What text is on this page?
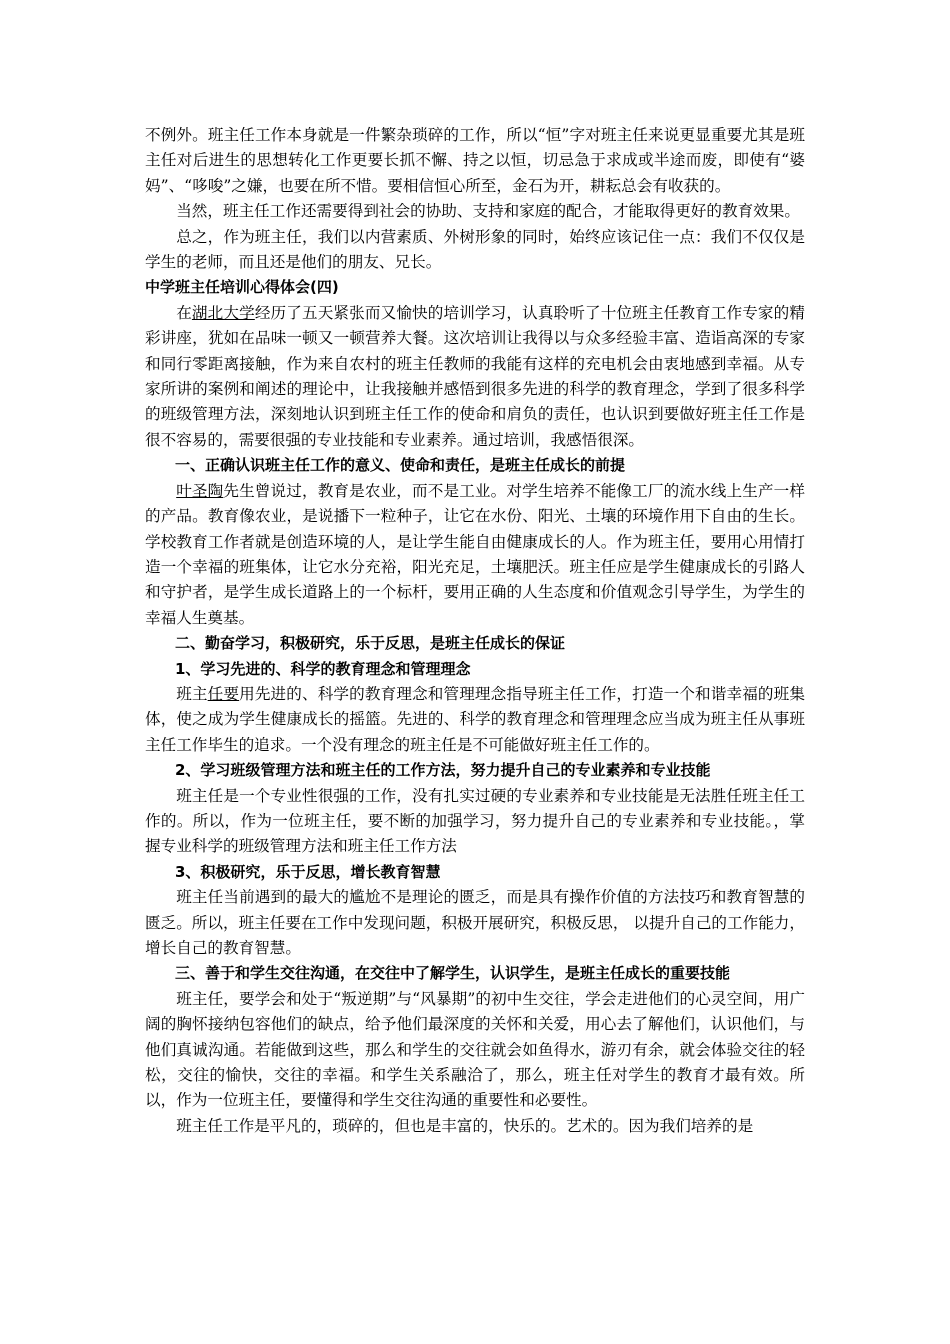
不例外。班主任工作本身就是一件繁杂琐碎的工作，所以“恒”字对班主任来说更显重要尤其是班主任对后进生的思想转化工作更要长抓不懈、持之以恒，切忌急于求成或半途而废，即使有“婆妈”、“哆唆”之嫌，也要在所不惜。要相信恒心所至，金石为开，耕耘总会有收获的。

当然，班主任工作还需要得到社会的协助、支持和家庭的配合，才能取得更好的教育效果。

总之，作为班主任，我们以内营素质、外树形象的同时，始终应该记住一点：我们不仅仅是学生的老师，而且还是他们的朋友、兄长。

中学班主任培训心得体会(四)

在湖北大学经历了五天紧张而又愉快的培训学习，认真聆听了十位班主任教育工作专家的精彩讲座，犹如在品味一顿又一顿营养大餐。这次培训让我得以与众多经验丰富、造诣高深的专家和同行零距离接触，作为来自农村的班主任教师的我能有这样的充电机会由衷地感到幸福。从专家所讲的案例和阐述的理论中，让我接触并感悟到很多先进的科学的教育理念，学到了很多科学的班级管理方法，深刻地认识到班主任工作的使命和肩负的责任，也认识到要做好班主任工作是很不容易的，需要很强的专业技能和专业素养。通过培训，我感悟很深。

一、正确认识班主任工作的意义、使命和责任，是班主任成长的前提

叶圣陶先生曾说过，教育是农业，而不是工业。对学生培养不能像工厂的流水线上生产一样的产品。教育像农业，是说播下一粒种子，让它在水份、阳光、土壤的环境作用下自由的生长。学校教育工作者就是创造环境的人，是让学生能自由健康成长的人。作为班主任，要用心用情打造一个幸福的班集体，让它水分充裕，阳光充足，土壤肥沃。班主任应是学生健康成长的引路人和守护者，是学生成长道路上的一个标杆，要用正确的人生态度和价值观念引导学生，为学生的幸福人生奠基。

二、勤奋学习，积极研究，乐于反思，是班主任成长的保证

1、学习先进的、科学的教育理念和管理理念

班主任要用先进的、科学的教育理念和管理理念指导班主任工作，打造一个和谐幸福的班集体，使之成为学生健康成长的摇篮。先进的、科学的教育理念和管理理念应当成为班主任从事班主任工作毕生的追求。一个没有理念的班主任是不可能做好班主任工作的。

2、学习班级管理方法和班主任的工作方法，努力提升自己的专业素养和专业技能

班主任是一个专业性很强的工作，没有扎实过硬的专业素养和专业技能是无法胜任班主任工作的。所以，作为一位班主任，要不断的加强学习，努力提升自己的专业素养和专业技能。，掌握专业科学的班级管理方法和班主任工作方法

3、积极研究，乐于反思，增长教育智慧

班主任当前遇到的最大的尴尬不是理论的匮乏，而是具有操作价值的方法技巧和教育智慧的匮乏。所以，班主任要在工作中发现问题，积极开展研究，积极反思， 以提升自己的工作能力，增长自己的教育智慧。

三、善于和学生交往沟通，在交往中了解学生，认识学生，是班主任成长的重要技能

班主任，要学会和处于“叛逆期”与“风暴期”的初中生交往，学会走进他们的心灵空间，用广阔的胸怀接纳包容他们的缺点，给予他们最深度的关怀和关爱，用心去了解他们，认识他们，与他们真诚沟通。若能做到这些，那么和学生的交往就会如鱼得水，游刃有余，就会体验交往的轻松，交往的愉快，交往的幸福。和学生关系融洽了，那么，班主任对学生的教育才最有效。所以，作为一位班主任，要懂得和学生交往沟通的重要性和必要性。

班主任工作是平凡的，琐碎的，但也是丰富的，快乐的。艺术的。因为我们培养的是
